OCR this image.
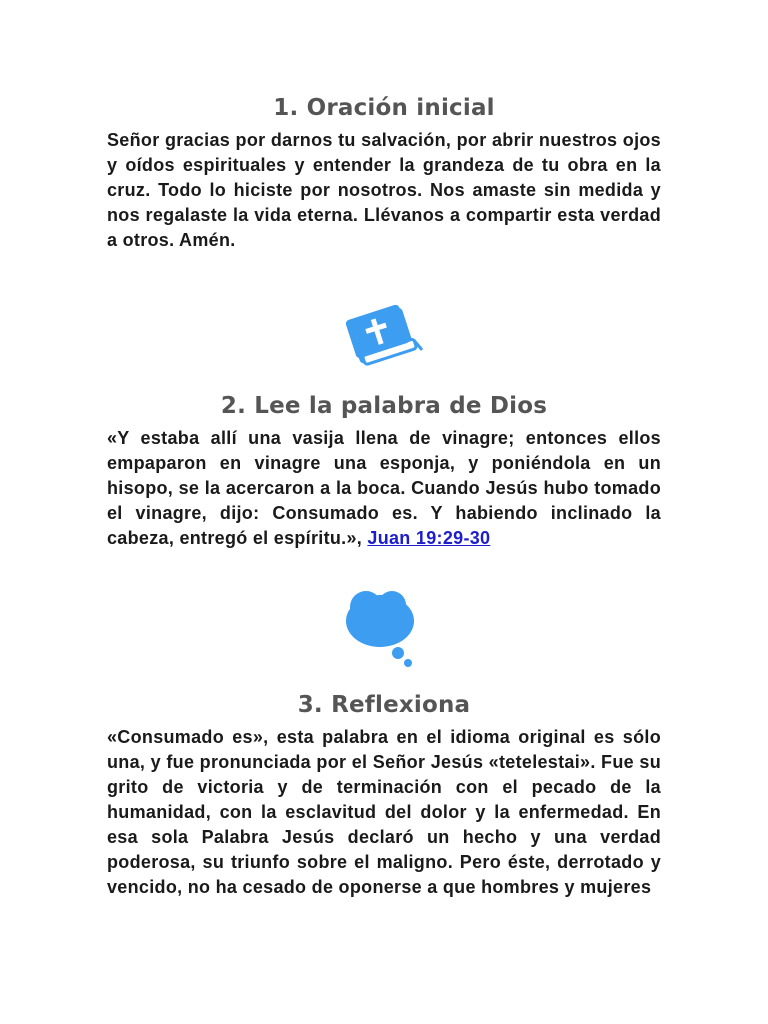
1. Oración inicial

Señor gracias por darnos tu salvación, por abrir nuestros ojos y oídos espirituales y entender la grandeza de tu obra en la cruz. Todo lo hiciste por nosotros. Nos amaste sin medida y nos regalaste la vida eterna. Llévanos a compartir esta verdad a otros. Amén.

2. Lee la palabra de Dios

«Y estaba allí una vasija llena de vinagre; entonces ellos empaparon en vinagre una esponja, y poniéndola en un hisopo, se la acercaron a la boca. Cuando Jesús hubo tomado el vinagre, dijo: Consumado es. Y habiendo inclinado la cabeza, entregó el espíritu.», Juan 19:29-30

3. Reflexiona

«Consumado es», esta palabra en el idioma original es sólo una, y fue pronunciada por el Señor Jesús «tetelestai». Fue su grito de victoria y de terminación con el pecado de la humanidad, con la esclavitud del dolor y la enfermedad. En esa sola Palabra Jesús declaró un hecho y una verdad poderosa, su triunfo sobre el maligno. Pero éste, derrotado y vencido, no ha cesado de oponerse a que hombres y mujeres
